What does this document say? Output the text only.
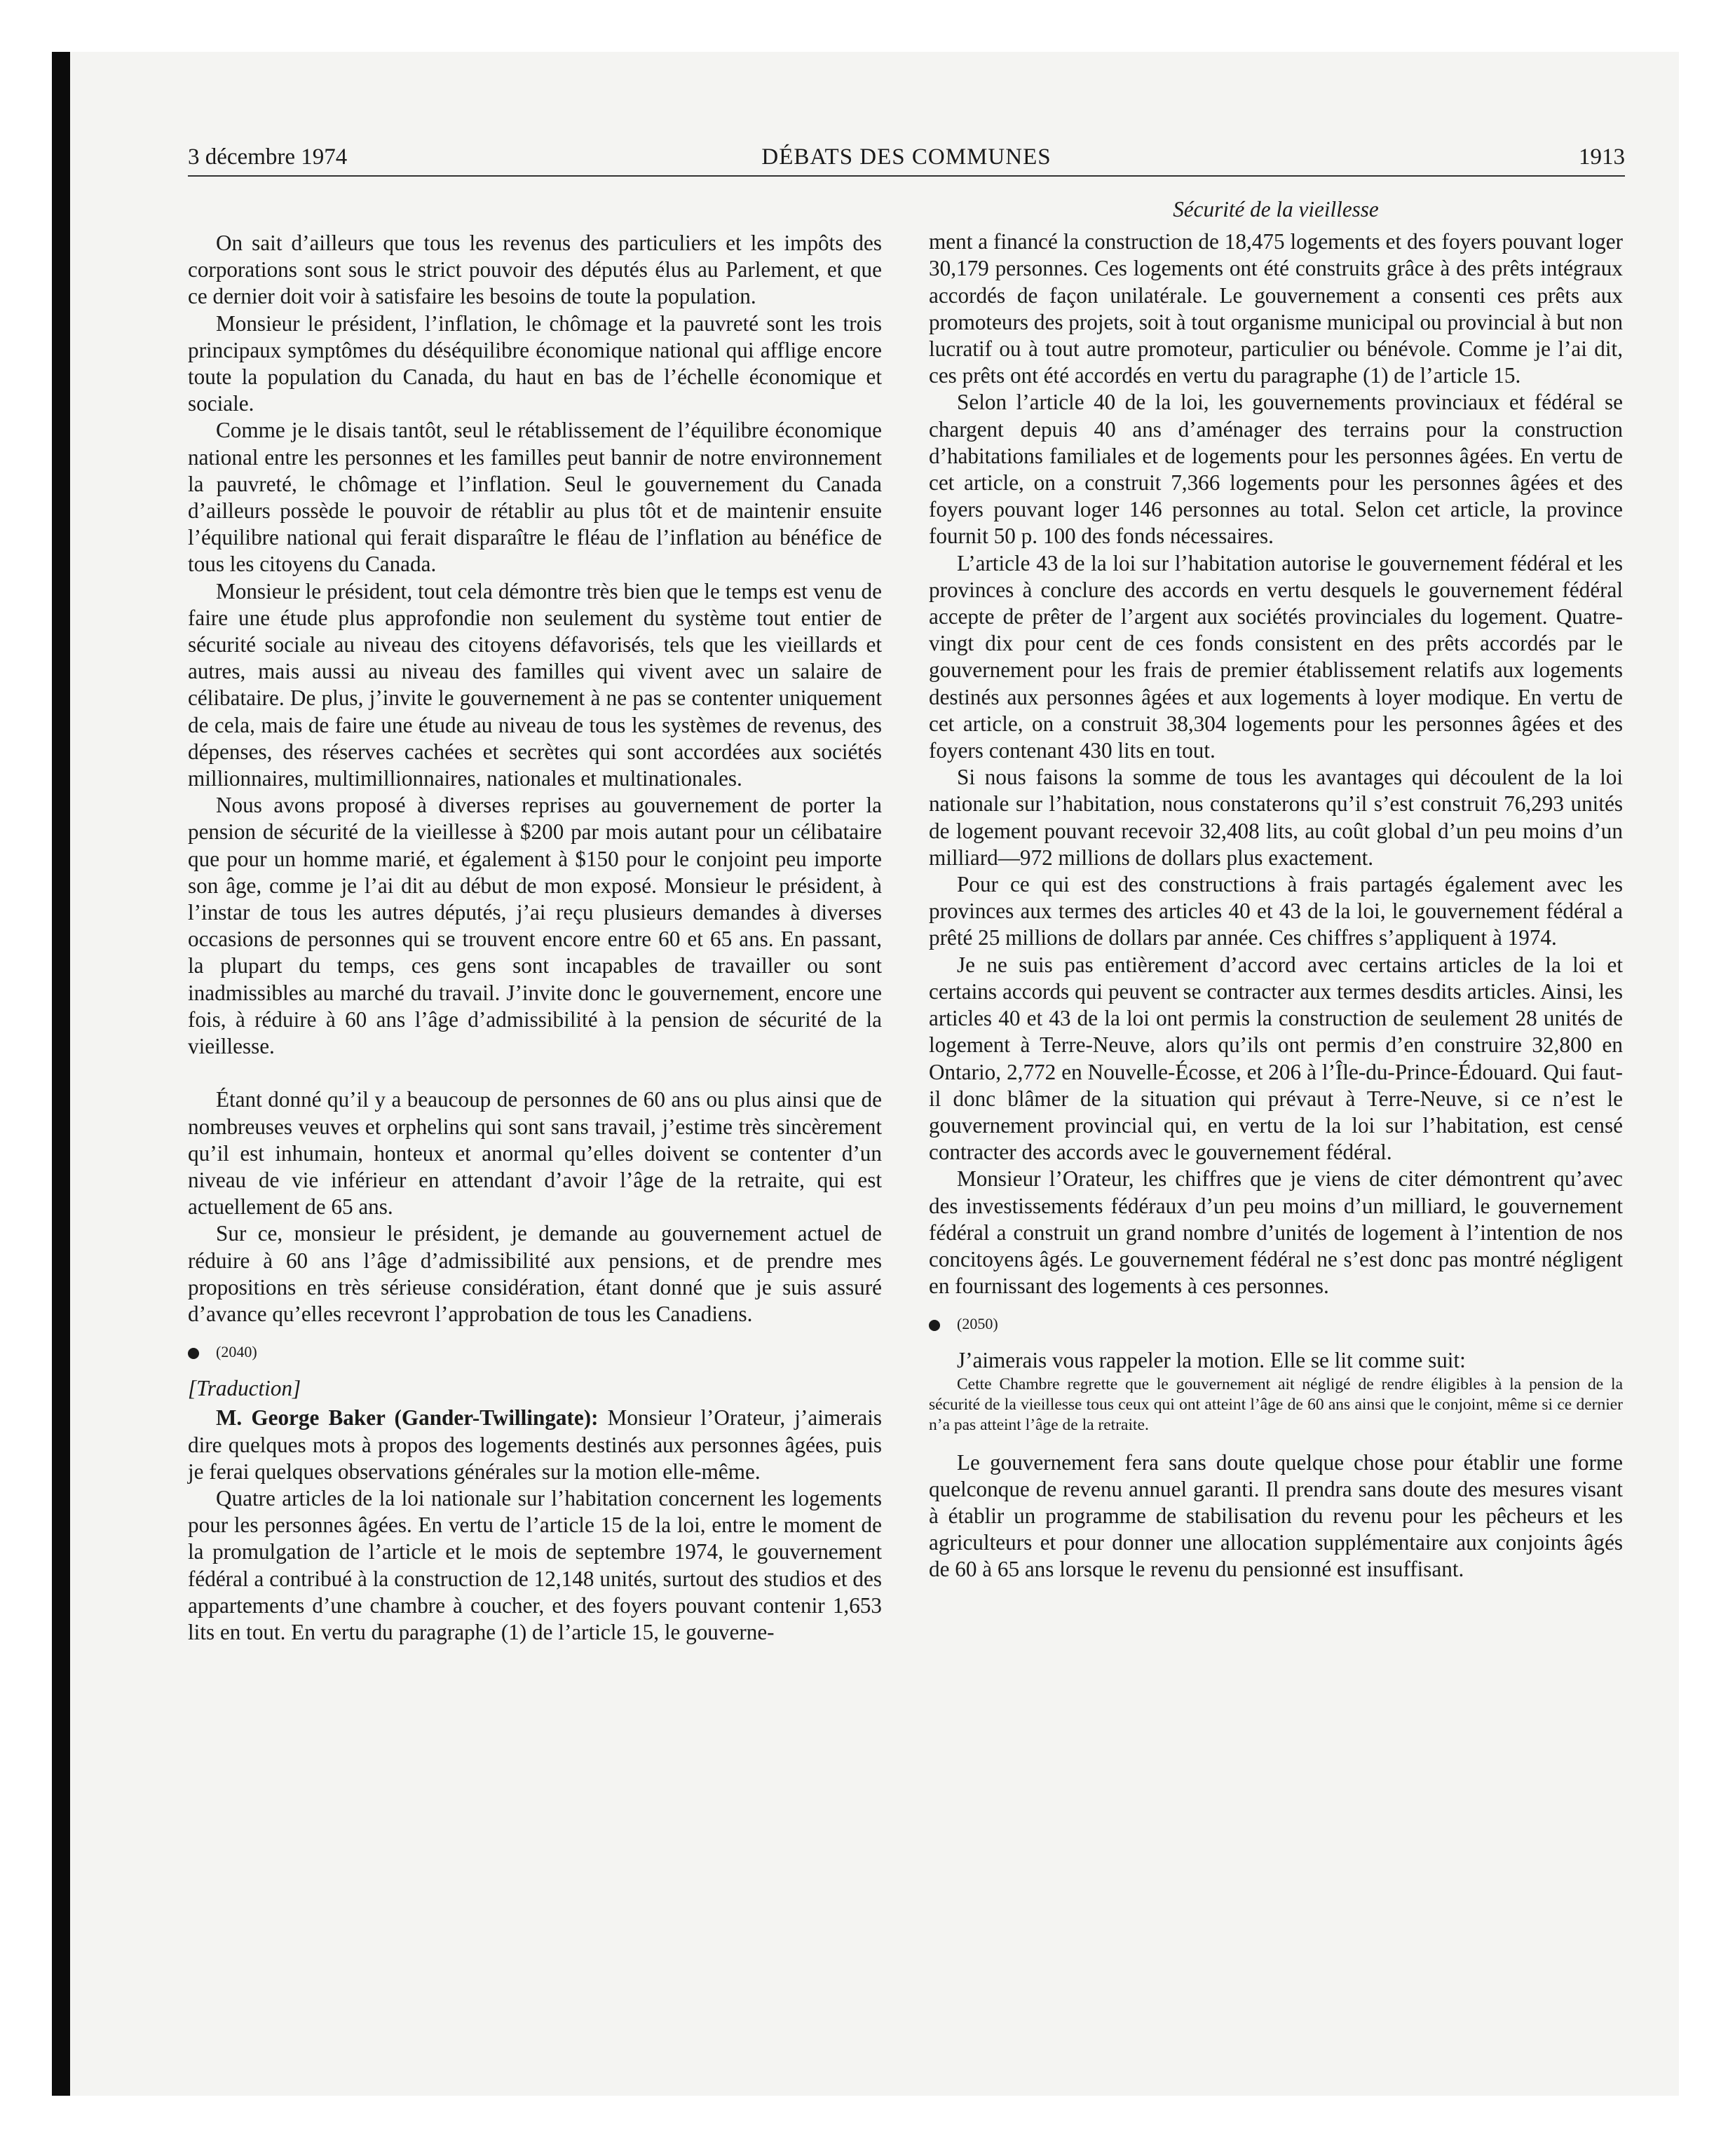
3 décembre 1974	DÉBATS DES COMMUNES	1913

On sait d’ailleurs que tous les revenus des particuliers et les impôts des corporations sont sous le strict pouvoir des députés élus au Parlement, et que ce dernier doit voir à satisfaire les besoins de toute la population.

Monsieur le président, l’inflation, le chômage et la pauvreté sont les trois principaux symptômes du déséquilibre économique national qui afflige encore toute la population du Canada, du haut en bas de l’échelle économique et sociale.

Comme je le disais tantôt, seul le rétablissement de l’équilibre économique national entre les personnes et les familles peut bannir de notre environnement la pauvreté, le chômage et l’inflation. Seul le gouvernement du Canada d’ailleurs possède le pouvoir de rétablir au plus tôt et de maintenir ensuite l’équilibre national qui ferait disparaître le fléau de l’inflation au bénéfice de tous les citoyens du Canada.

Monsieur le président, tout cela démontre très bien que le temps est venu de faire une étude plus approfondie non seulement du système tout entier de sécurité sociale au niveau des citoyens défavorisés, tels que les vieillards et autres, mais aussi au niveau des familles qui vivent avec un salaire de célibataire. De plus, j’invite le gouvernement à ne pas se contenter uniquement de cela, mais de faire une étude au niveau de tous les systèmes de revenus, des dépenses, des réserves cachées et secrètes qui sont accordées aux sociétés millionnaires, multimillionnaires, nationales et multinationales.

Nous avons proposé à diverses reprises au gouvernement de porter la pension de sécurité de la vieillesse à $200 par mois autant pour un célibataire que pour un homme marié, et également à $150 pour le conjoint peu importe son âge, comme je l’ai dit au début de mon exposé. Monsieur le président, à l’instar de tous les autres députés, j’ai reçu plusieurs demandes à diverses occasions de personnes qui se trouvent encore entre 60 et 65 ans. En passant, la plupart du temps, ces gens sont incapables de travailler ou sont inadmissibles au marché du travail. J’invite donc le gouvernement, encore une fois, à réduire à 60 ans l’âge d’admissibilité à la pension de sécurité de la vieillesse.

Étant donné qu’il y a beaucoup de personnes de 60 ans ou plus ainsi que de nombreuses veuves et orphelins qui sont sans travail, j’estime très sincèrement qu’il est inhumain, honteux et anormal qu’elles doivent se contenter d’un niveau de vie inférieur en attendant d’avoir l’âge de la retraite, qui est actuellement de 65 ans.

Sur ce, monsieur le président, je demande au gouvernement actuel de réduire à 60 ans l’âge d’admissibilité aux pensions, et de prendre mes propositions en très sérieuse considération, étant donné que je suis assuré d’avance qu’elles recevront l’approbation de tous les Canadiens.

(2040)
[Traduction]

M. George Baker (Gander-Twillingate): Monsieur l’Orateur, j’aimerais dire quelques mots à propos des logements destinés aux personnes âgées, puis je ferai quelques observations générales sur la motion elle-même.

Quatre articles de la loi nationale sur l’habitation concernent les logements pour les personnes âgées. En vertu de l’article 15 de la loi, entre le moment de la promulgation de l’article et le mois de septembre 1974, le gouvernement fédéral a contribué à la construction de 12,148 unités, surtout des studios et des appartements d’une chambre à coucher, et des foyers pouvant contenir 1,653 lits en tout. En vertu du paragraphe (1) de l’article 15, le gouverne-

Sécurité de la vieillesse

ment a financé la construction de 18,475 logements et des foyers pouvant loger 30,179 personnes. Ces logements ont été construits grâce à des prêts intégraux accordés de façon unilatérale. Le gouvernement a consenti ces prêts aux promoteurs des projets, soit à tout organisme municipal ou provincial à but non lucratif ou à tout autre promoteur, particulier ou bénévole. Comme je l’ai dit, ces prêts ont été accordés en vertu du paragraphe (1) de l’article 15.

Selon l’article 40 de la loi, les gouvernements provinciaux et fédéral se chargent depuis 40 ans d’aménager des terrains pour la construction d’habitations familiales et de logements pour les personnes âgées. En vertu de cet article, on a construit 7,366 logements pour les personnes âgées et des foyers pouvant loger 146 personnes au total. Selon cet article, la province fournit 50 p. 100 des fonds nécessaires.

L’article 43 de la loi sur l’habitation autorise le gouvernement fédéral et les provinces à conclure des accords en vertu desquels le gouvernement fédéral accepte de prêter de l’argent aux sociétés provinciales du logement. Quatre-vingt dix pour cent de ces fonds consistent en des prêts accordés par le gouvernement pour les frais de premier établissement relatifs aux logements destinés aux personnes âgées et aux logements à loyer modique. En vertu de cet article, on a construit 38,304 logements pour les personnes âgées et des foyers contenant 430 lits en tout.

Si nous faisons la somme de tous les avantages qui découlent de la loi nationale sur l’habitation, nous constaterons qu’il s’est construit 76,293 unités de logement pouvant recevoir 32,408 lits, au coût global d’un peu moins d’un milliard—972 millions de dollars plus exactement.

Pour ce qui est des constructions à frais partagés également avec les provinces aux termes des articles 40 et 43 de la loi, le gouvernement fédéral a prêté 25 millions de dollars par année. Ces chiffres s’appliquent à 1974.

Je ne suis pas entièrement d’accord avec certains articles de la loi et certains accords qui peuvent se contracter aux termes desdits articles. Ainsi, les articles 40 et 43 de la loi ont permis la construction de seulement 28 unités de logement à Terre-Neuve, alors qu’ils ont permis d’en construire 32,800 en Ontario, 2,772 en Nouvelle-Écosse, et 206 à l’Île-du-Prince-Édouard. Qui faut-il donc blâmer de la situation qui prévaut à Terre-Neuve, si ce n’est le gouvernement provincial qui, en vertu de la loi sur l’habitation, est censé contracter des accords avec le gouvernement fédéral.

Monsieur l’Orateur, les chiffres que je viens de citer démontrent qu’avec des investissements fédéraux d’un peu moins d’un milliard, le gouvernement fédéral a construit un grand nombre d’unités de logement à l’intention de nos concitoyens âgés. Le gouvernement fédéral ne s’est donc pas montré négligent en fournissant des logements à ces personnes.

(2050)

J’aimerais vous rappeler la motion. Elle se lit comme suit:

Cette Chambre regrette que le gouvernement ait négligé de rendre éligibles à la pension de la sécurité de la vieillesse tous ceux qui ont atteint l’âge de 60 ans ainsi que le conjoint, même si ce dernier n’a pas atteint l’âge de la retraite.

Le gouvernement fera sans doute quelque chose pour établir une forme quelconque de revenu annuel garanti. Il prendra sans doute des mesures visant à établir un programme de stabilisation du revenu pour les pêcheurs et les agriculteurs et pour donner une allocation supplémentaire aux conjoints âgés de 60 à 65 ans lorsque le revenu du pensionné est insuffisant.
